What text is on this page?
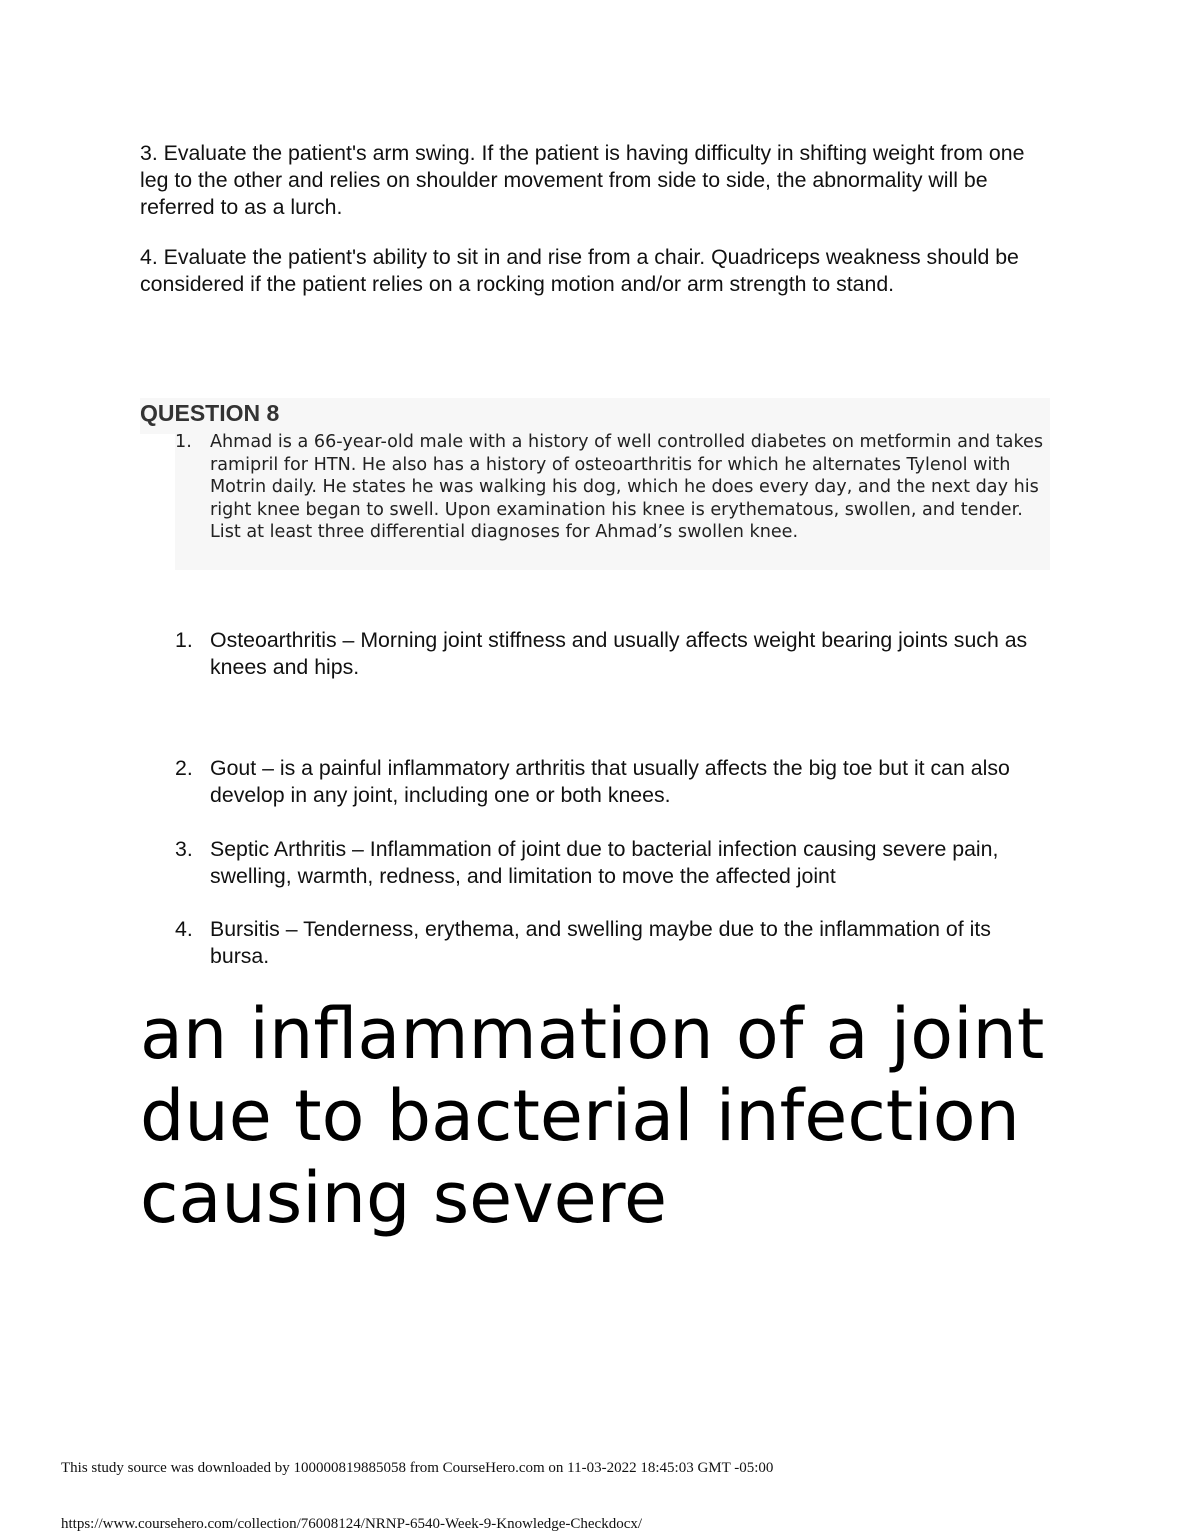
3. Evaluate the patient's arm swing. If the patient is having difficulty in shifting weight from one leg to the other and relies on shoulder movement from side to side, the abnormality will be referred to as a lurch.

4. Evaluate the patient's ability to sit in and rise from a chair. Quadriceps weakness should be considered if the patient relies on a rocking motion and/or arm strength to stand.

QUESTION 8
1. Ahmad is a 66-year-old male with a history of well controlled diabetes on metformin and takes ramipril for HTN. He also has a history of osteoarthritis for which he alternates Tylenol with Motrin daily. He states he was walking his dog, which he does every day, and the next day his right knee began to swell. Upon examination his knee is erythematous, swollen, and tender. List at least three differential diagnoses for Ahmad’s swollen knee.
1. Osteoarthritis – Morning joint stiffness and usually affects weight bearing joints such as knees and hips.
2. Gout – is a painful inflammatory arthritis that usually affects the big toe but it can also develop in any joint, including one or both knees.
3. Septic Arthritis – Inflammation of joint due to bacterial infection causing severe pain, swelling, warmth, redness, and limitation to move the affected joint
4. Bursitis – Tenderness, erythema, and swelling maybe due to the inflammation of its bursa.

an inflammation of a joint due to bacterial infection causing severe

This study source was downloaded by 100000819885058 from CourseHero.com on 11-03-2022 18:45:03 GMT -05:00
https://www.coursehero.com/collection/76008124/NRNP-6540-Week-9-Knowledge-Checkdocx/
